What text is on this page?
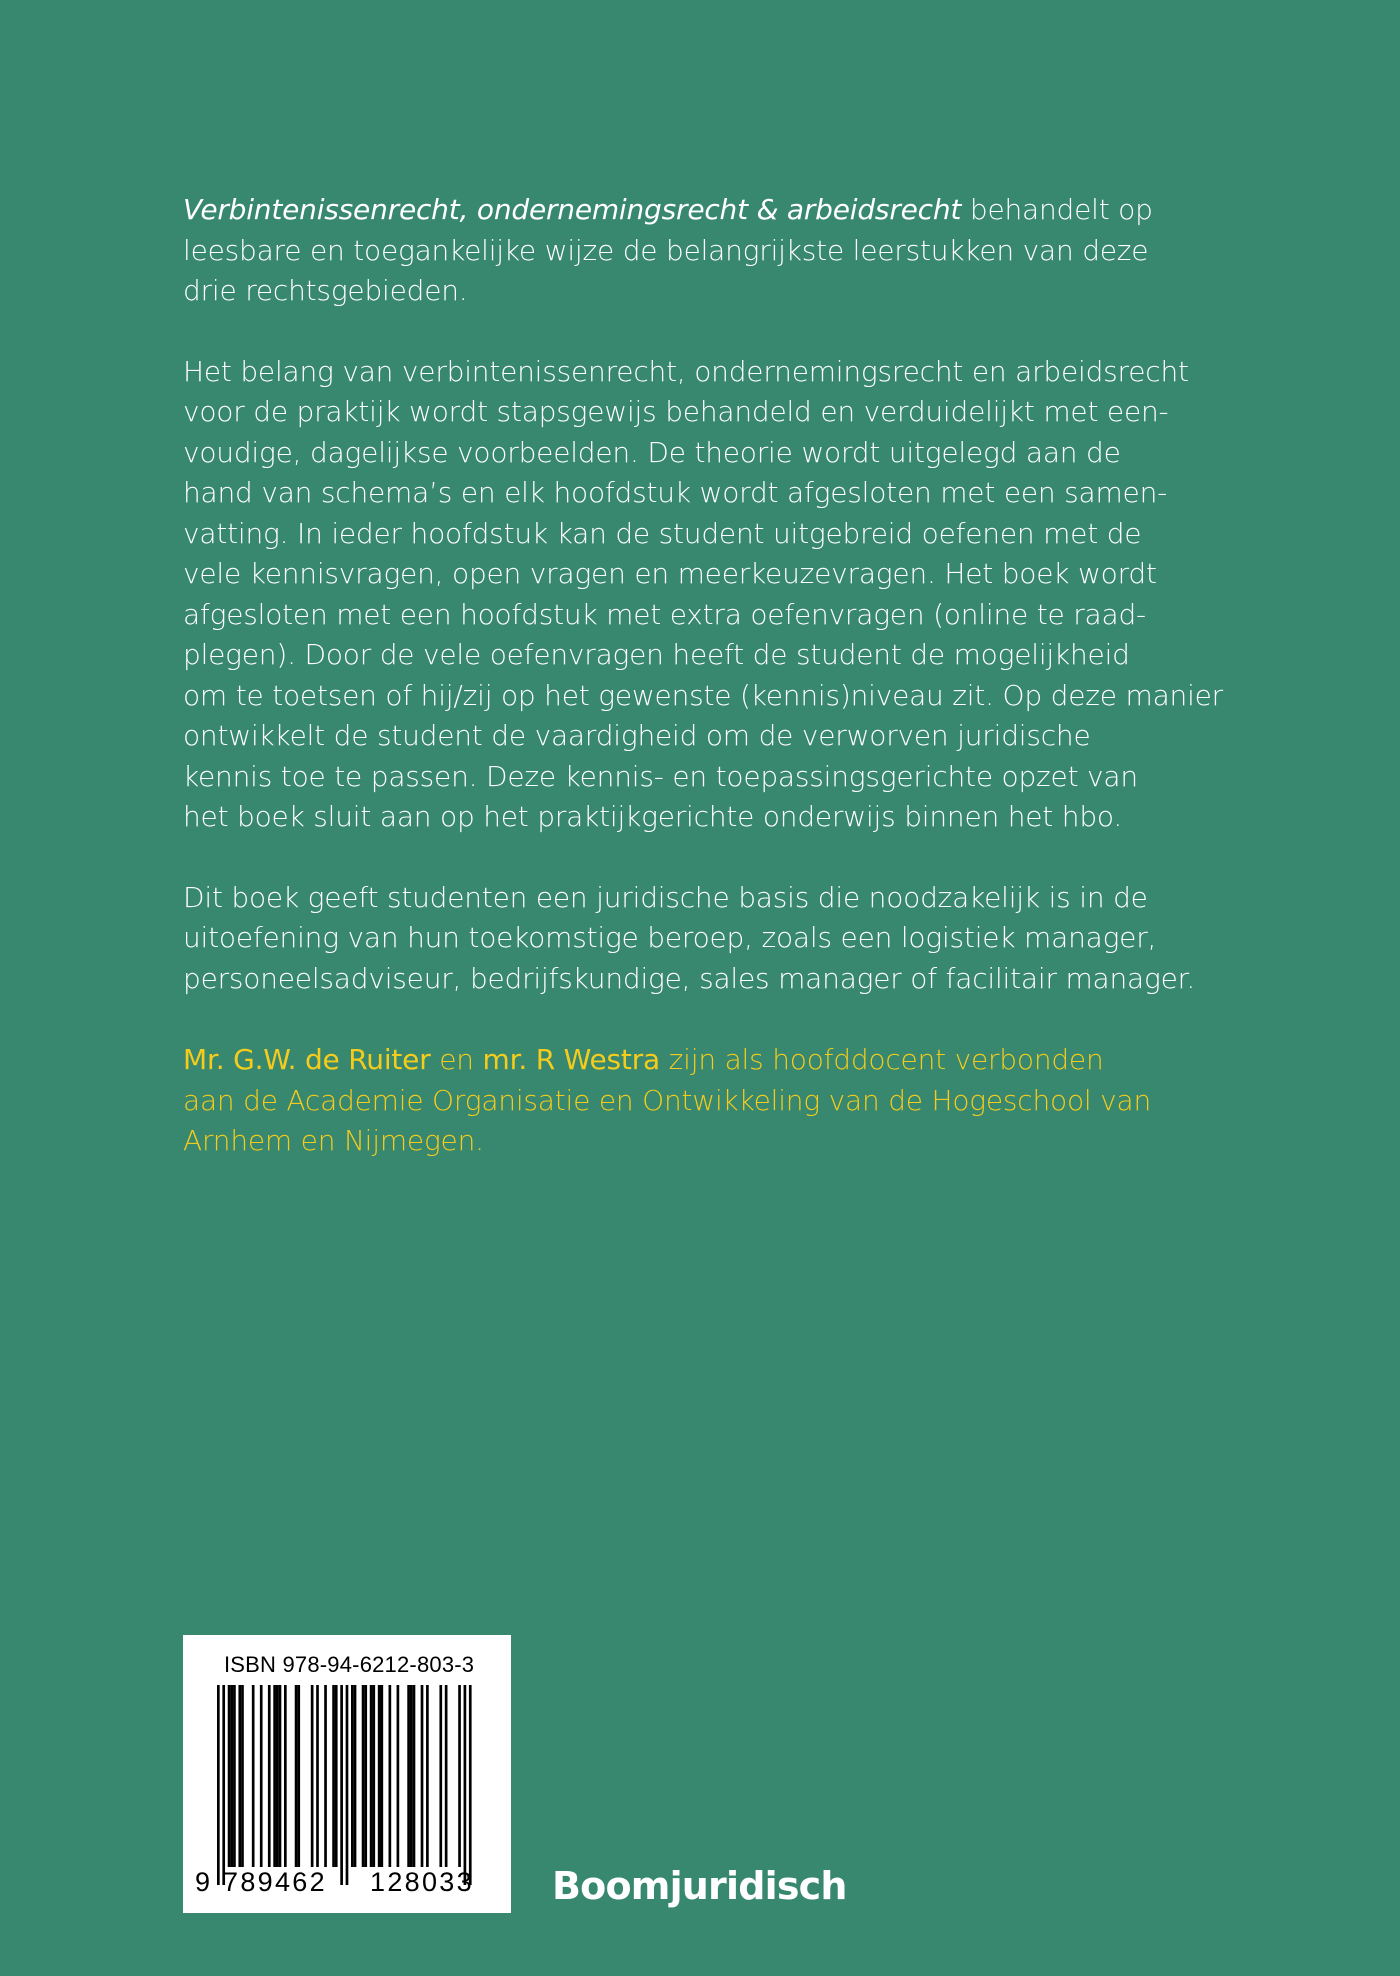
Verbintenissenrecht, ondernemingsrecht & arbeidsrecht behandelt op
leesbare en toegankelijke wijze de belangrijkste leerstukken van deze
drie rechtsgebieden.

Het belang van verbintenissenrecht, ondernemingsrecht en arbeidsrecht
voor de praktijk wordt stapsgewijs behandeld en verduidelijkt met een-
voudige, dagelijkse voorbeelden. De theorie wordt uitgelegd aan de
hand van schema’s en elk hoofdstuk wordt afgesloten met een samen-
vatting. In ieder hoofdstuk kan de student uitgebreid oefenen met de
vele kennisvragen, open vragen en meerkeuzevragen. Het boek wordt
afgesloten met een hoofdstuk met extra oefenvragen (online te raad-
plegen). Door de vele oefenvragen heeft de student de mogelijkheid
om te toetsen of hij/zij op het gewenste (kennis)niveau zit. Op deze manier
ontwikkelt de student de vaardigheid om de verworven juridische
kennis toe te passen. Deze kennis- en toepassingsgerichte opzet van
het boek sluit aan op het praktijkgerichte onderwijs binnen het hbo.

Dit boek geeft studenten een juridische basis die noodzakelijk is in de
uitoefening van hun toekomstige beroep, zoals een logistiek manager,
personeelsadviseur, bedrijfskundige, sales manager of facilitair manager.

Mr. G.W. de Ruiter en mr. R Westra zijn als hoofddocent verbonden
aan de Academie Organisatie en Ontwikkeling van de Hogeschool van
Arnhem en Nijmegen.

ISBN 978-94-6212-803-3
9 789462 128033 Boomjuridisch
